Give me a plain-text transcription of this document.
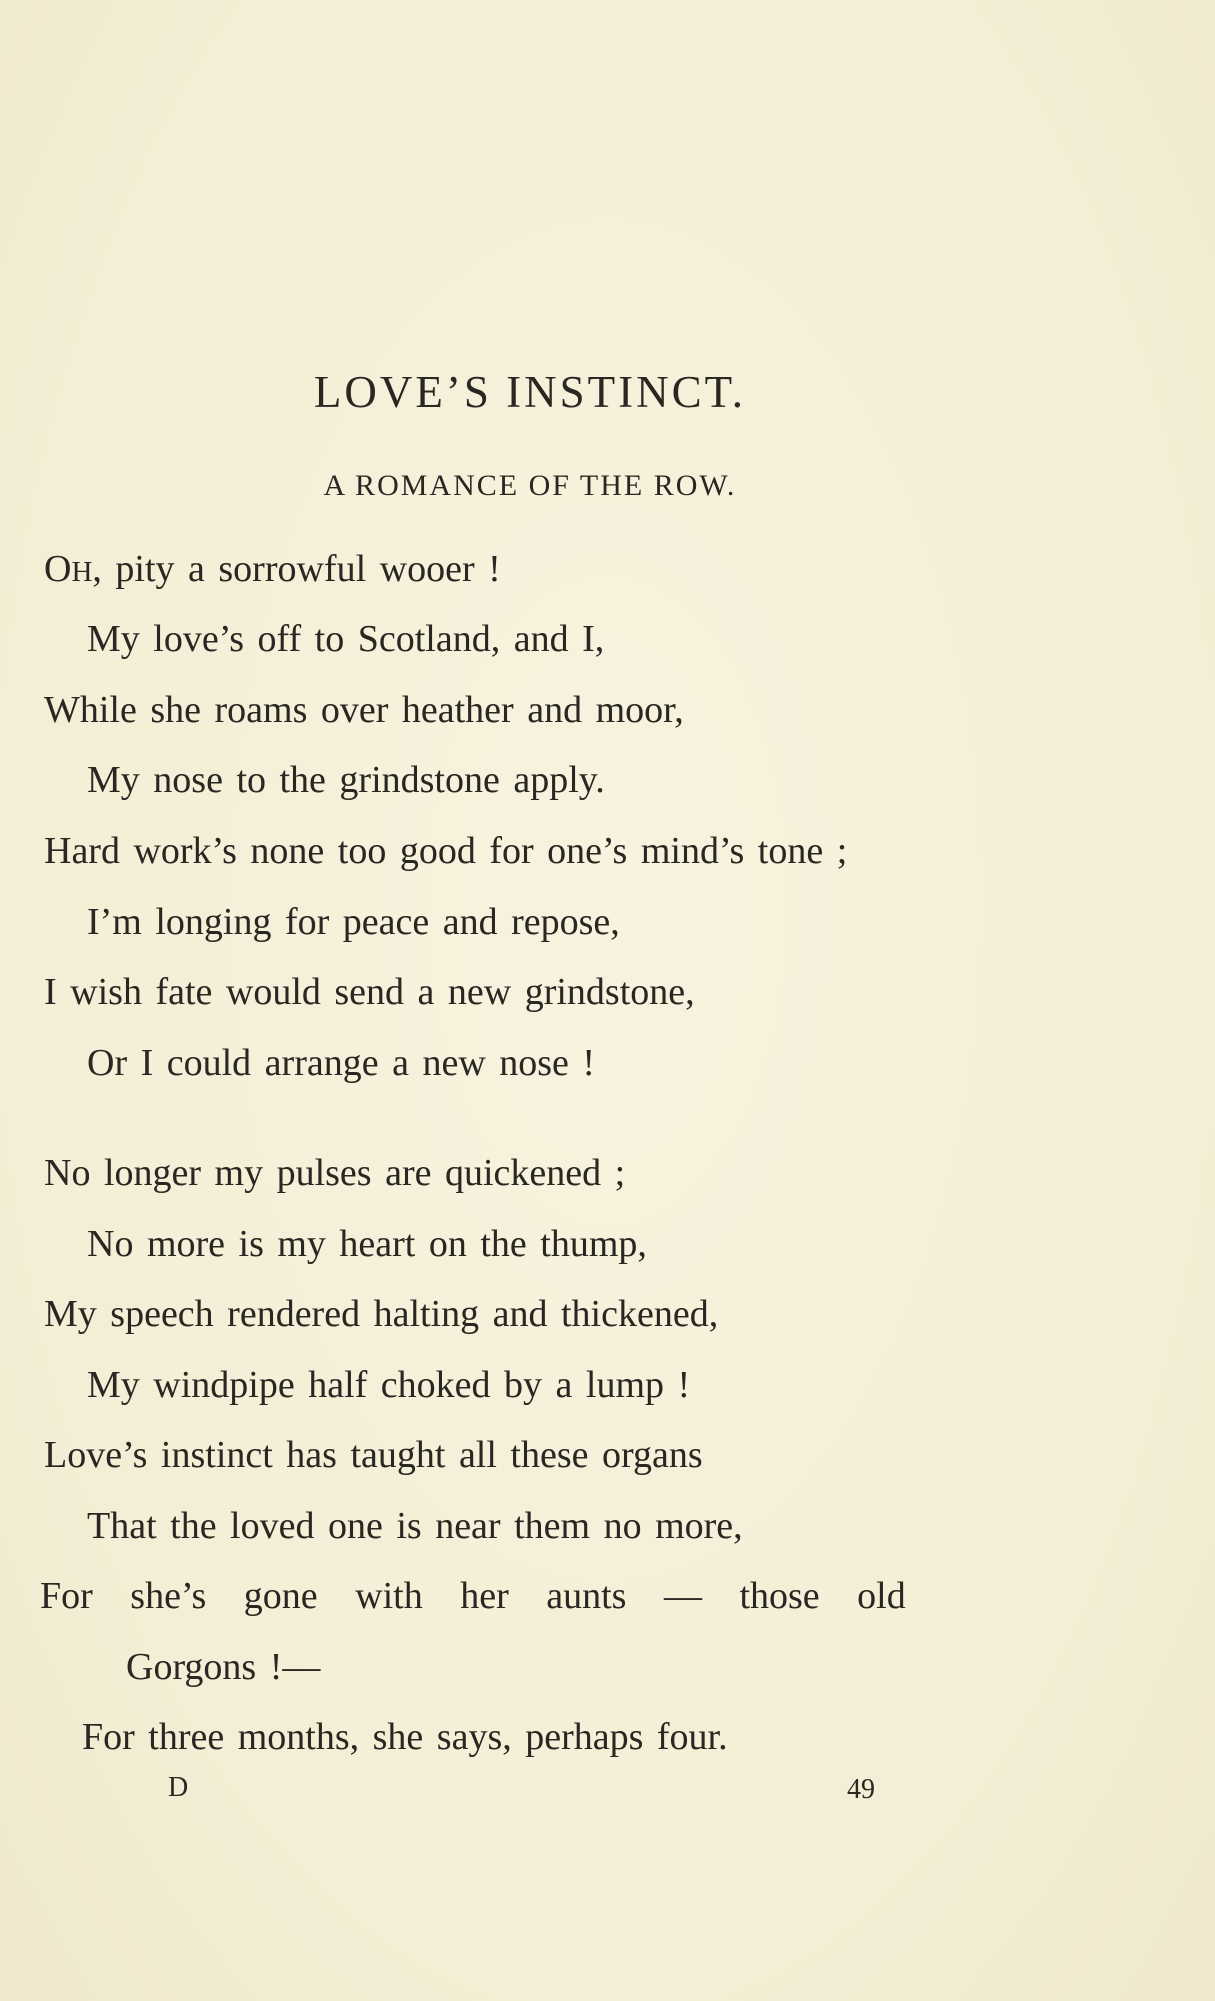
LOVE’S INSTINCT.
A ROMANCE OF THE ROW.
OH, pity a sorrowful wooer !
My love’s off to Scotland, and I,
While she roams over heather and moor,
My nose to the grindstone apply.
Hard work’s none too good for one’s mind’s tone ;
I’m longing for peace and repose,
I wish fate would send a new grindstone,
Or I could arrange a new nose !
No longer my pulses are quickened ;
No more is my heart on the thump,
My speech rendered halting and thickened,
My windpipe half choked by a lump !
Love’s instinct has taught all these organs
That the loved one is near them no more,
For she’s gone with her aunts — those old
Gorgons !—
For three months, she says, perhaps four.
D	49
